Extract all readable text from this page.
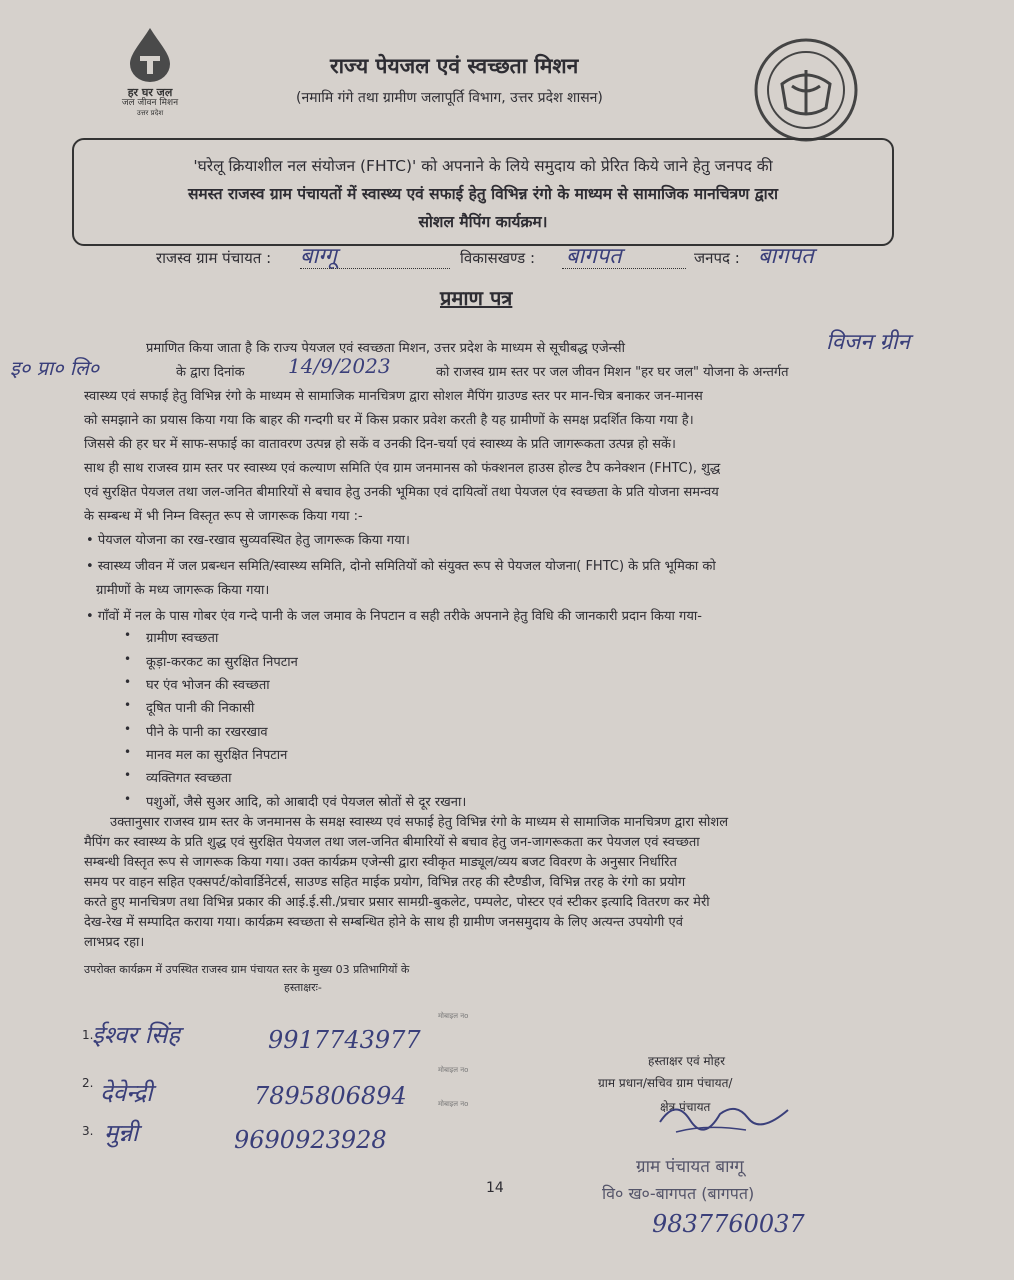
हर घर जल
जल जीवन मिशन
उत्तर प्रदेश
राज्य पेयजल एवं स्वच्छता मिशन
(नमामि गंगे तथा ग्रामीण जलापूर्ति विभाग, उत्तर प्रदेश शासन)
'घरेलू क्रियाशील नल संयोजन (FHTC)' को अपनाने के लिये समुदाय को प्रेरित किये जाने हेतु जनपद की
समस्त राजस्व ग्राम पंचायतों में स्वास्थ्य एवं सफाई हेतु विभिन्न रंगो के माध्यम से सामाजिक मानचित्रण द्वारा
सोशल मैपिंग कार्यक्रम।
राजस्व ग्राम पंचायत : बाग्गू	विकासखण्ड : बागपत	जनपद : बागपत
प्रमाण पत्र
प्रमाणित किया जाता है कि राज्य पेयजल एवं स्वच्छता मिशन, उत्तर प्रदेश के माध्यम से सूचीबद्ध एजेन्सी	विजन ग्रीन
इ० प्रा० लि०	के द्वारा दिनांक 14/9/2023	को राजस्व ग्राम स्तर पर जल जीवन मिशन "हर घर जल" योजना के अन्तर्गत
स्वास्थ्य एवं सफाई हेतु विभिन्न रंगो के माध्यम से सामाजिक मानचित्रण द्वारा सोशल मैपिंग ग्राउण्ड स्तर पर मान-चित्र बनाकर जन-मानस
को समझाने का प्रयास किया गया कि बाहर की गन्दगी घर में किस प्रकार प्रवेश करती है यह ग्रामीणों के समक्ष प्रदर्शित किया गया है।
जिससे की हर घर में साफ-सफाई का वातावरण उत्पन्न हो सकें व उनकी दिन-चर्या एवं स्वास्थ्य के प्रति जागरूकता उत्पन्न हो सकें।
साथ ही साथ राजस्व ग्राम स्तर पर स्वास्थ्य एवं कल्याण समिति एंव ग्राम जनमानस को फंक्शनल हाउस होल्ड टैप कनेक्शन (FHTC), शुद्ध
एवं सुरक्षित पेयजल तथा जल-जनित बीमारियों से बचाव हेतु उनकी भूमिका एवं दायित्वों तथा पेयजल एंव स्वच्छता के प्रति योजना समन्वय
के सम्बन्ध में भी निम्न विस्तृत रूप से जागरूक किया गया :-
• पेयजल योजना का रख-रखाव सुव्यवस्थित हेतु जागरूक किया गया।
• स्वास्थ्य जीवन में जल प्रबन्धन समिति/स्वास्थ्य समिति, दोनो समितियों को संयुक्त रूप से पेयजल योजना( FHTC) के प्रति भूमिका को
ग्रामीणों के मध्य जागरूक किया गया।
• गाँवों में नल के पास गोबर एंव गन्दे पानी के जल जमाव के निपटान व सही तरीके अपनाने हेतु विधि की जानकारी प्रदान किया गया-
• ग्रामीण स्वच्छता
• कूड़ा-करकट का सुरक्षित निपटान
• घर एंव भोजन की स्वच्छता
• दूषित पानी की निकासी
• पीने के पानी का रखरखाव
• मानव मल का सुरक्षित निपटान
• व्यक्तिगत स्वच्छता
• पशुओं, जैसे सुअर आदि, को आबादी एवं पेयजल स्रोतों से दूर रखना।
उक्तानुसार राजस्व ग्राम स्तर के जनमानस के समक्ष स्वास्थ्य एवं सफाई हेतु विभिन्न रंगो के माध्यम से सामाजिक मानचित्रण द्वारा सोशल
मैपिंग कर स्वास्थ्य के प्रति शुद्ध एवं सुरक्षित पेयजल तथा जल-जनित बीमारियों से बचाव हेतु जन-जागरूकता कर पेयजल एवं स्वच्छता
सम्बन्धी विस्तृत रूप से जागरूक किया गया। उक्त कार्यक्रम एजेन्सी द्वारा स्वीकृत माड्यूल/व्यय बजट विवरण के अनुसार निर्धारित
समय पर वाहन सहित एक्सपर्ट/कोवार्डिनेटर्स, साउण्ड सहित माईक प्रयोग, विभिन्न तरह की स्टैण्डीज, विभिन्न तरह के रंगो का प्रयोग
करते हुए मानचित्रण तथा विभिन्न प्रकार की आई.ई.सी./प्रचार प्रसार सामग्री-बुकलेट, पम्पलेट, पोस्टर एवं स्टीकर इत्यादि वितरण कर मेरी
देख-रेख में सम्पादित कराया गया। कार्यक्रम स्वच्छता से सम्बन्धित होने के साथ ही ग्रामीण जनसमुदाय के लिए अत्यन्त उपयोगी एवं
लाभप्रद रहा।
उपरोक्त कार्यक्रम में उपस्थित राजस्व ग्राम पंचायत स्तर के मुख्य 03 प्रतिभागियों के
हस्ताक्षरः-
1.
ईश्वर सिंह	9917743977
मोबाइल नo
2. देवेन्द्री	7895806894
मोबाइल नo
3. मुन्नी	9690923928
मोबाइल नo
हस्ताक्षर एवं मोहर
ग्राम प्रधान/सचिव ग्राम पंचायत/
क्षेत्र पंचायत
ग्राम पंचायत बाग्गू
वि० ख०-बागपत (बागपत)
9837760037
14
